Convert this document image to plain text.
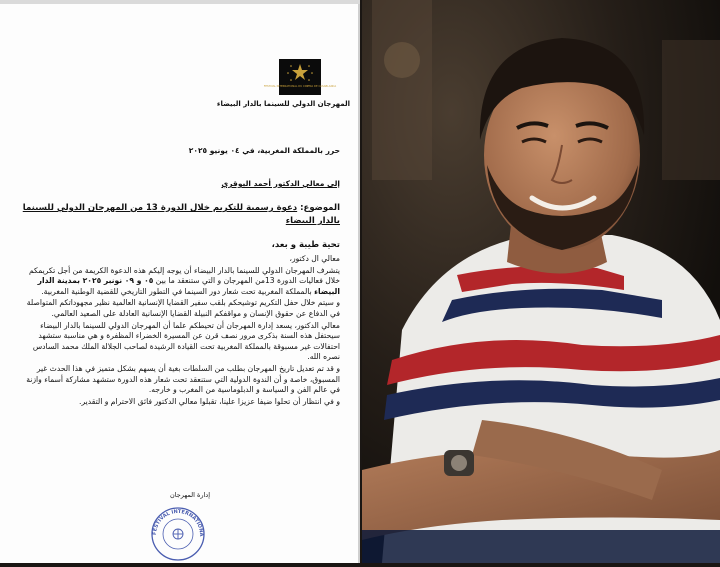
FESTIVAL INTERNATIONAL DU CINEMA DE CASABLANCA
المهرجان الدولي للسينما بالدار البيضاء
حرر بالمملكة المغربية، في ٠٤ يونيو ٢٠٢٥
إلى معالي الدكتور أحمد البوقري
الموضوع: دعوة رسمية للتكريم خلال الدورة 13 من المهرجان الدولي للسينما بالدار البيضاء
تحية طيبة و بعد،

معالي ال دكتور،

يتشرف المهرجان الدولي للسينما بالدار البيضاء أن يوجه إليكم هذه الدعوة الكريمة من أجل تكريمكم خلال فعاليات الدورة 13من المهرجان و التي ستنعقد ما بين ٠٥ و ٠٩ نونبر ٢٠٢٥ بمدينة الدار البيضاء بالمملكة المغربية تحت شعار دور السينما في التطور التاريخي للقضية الوطنية المغربية.

و سيتم خلال حفل التكريم توشيحكم بلقب سفير القضايا الإنسانية العالمية نظير مجهوداتكم المتواصلة في الدفاع عن حقوق الإنسان و مواقفكم النبيلة القضايا الإنسانية العادلة على الصعيد العالمي.

معالي الدكتور، يسعد إدارة المهرجان أن تحيطكم علما أن المهرجان الدولي للسينما بالدار البيضاء سيحتفل هذه السنة بذكرى مرور نصف قرن عن المسيرة الخضراء المظفرة و هي مناسبة ستشهد احتفالات غير مسبوقة بالمملكة المغربية تحت القيادة الرشيدة لصاحب الجلالة الملك محمد السادس نصره الله.

و قد تم تعديل تاريخ المهرجان بطلب من السلطات بغية أن يسهم بشكل متميز في هذا الحدث غير المسبوق، خاصة و أن الندوة الدولية التي ستنعقد تحت شعار هذه الدورة ستشهد مشاركة أسماء وازنة في عالم الفن و السياسة و الدبلوماسية من المغرب و خارجه.

و في انتظار أن تحلوا ضيفا عزيزا علينا، تقبلوا معالي الدكتور فائق الاحترام و التقدير.

إدارة المهرجان
FESTIVAL INTERNATIONA
